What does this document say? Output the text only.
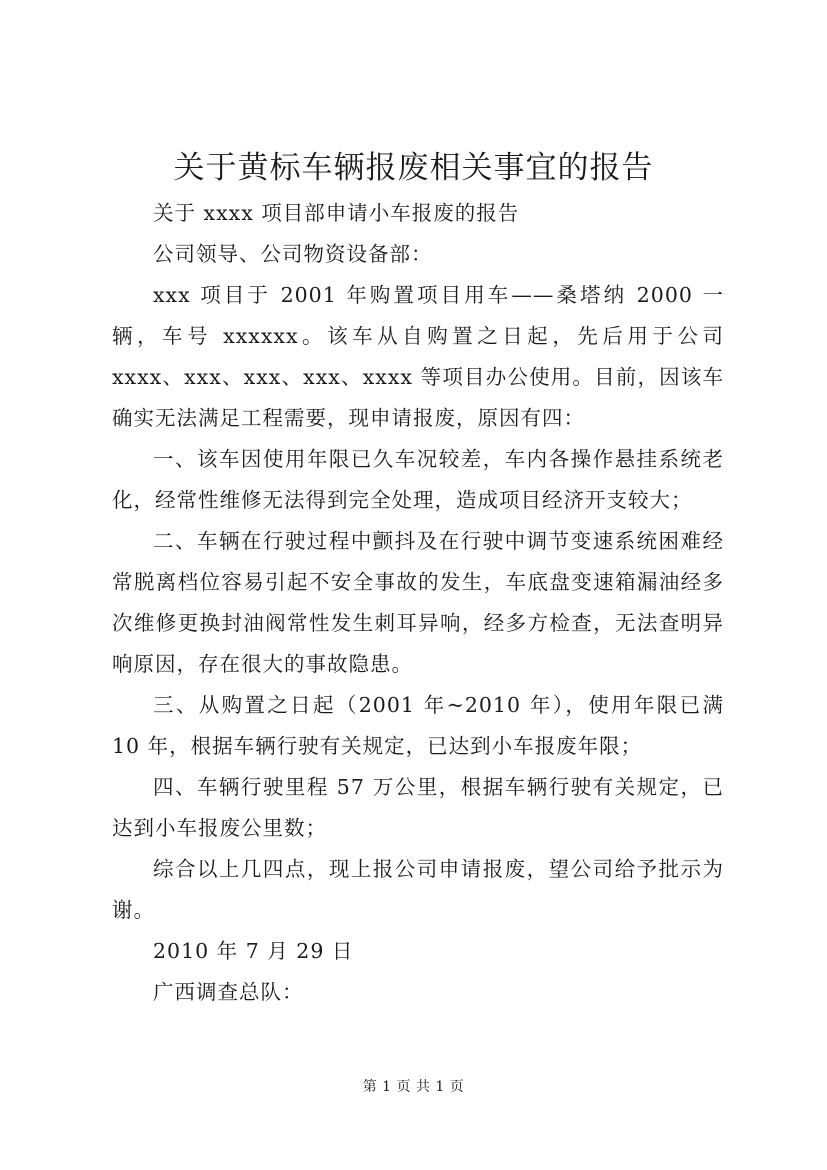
关于黄标车辆报废相关事宜的报告

关于 xxxx 项目部申请小车报废的报告

公司领导、公司物资设备部：

xxx 项目于 2001 年购置项目用车——桑塔纳 2000 一辆，车号 xxxxxx。该车从自购置之日起，先后用于公司 xxxx、xxx、xxx、xxx、xxxx 等项目办公使用。目前，因该车确实无法满足工程需要，现申请报废，原因有四：

一、该车因使用年限已久车况较差，车内各操作悬挂系统老化，经常性维修无法得到完全处理，造成项目经济开支较大；

二、车辆在行驶过程中颤抖及在行驶中调节变速系统困难经常脱离档位容易引起不安全事故的发生，车底盘变速箱漏油经多次维修更换封油阀常性发生刺耳异响，经多方检查，无法查明异响原因，存在很大的事故隐患。

三、从购置之日起（2001 年~2010 年），使用年限已满 10 年，根据车辆行驶有关规定，已达到小车报废年限；

四、车辆行驶里程 57 万公里，根据车辆行驶有关规定，已达到小车报废公里数；

综合以上几四点，现上报公司申请报废，望公司给予批示为谢。

2010 年 7 月 29 日

广西调查总队：

第 1 页 共 1 页
